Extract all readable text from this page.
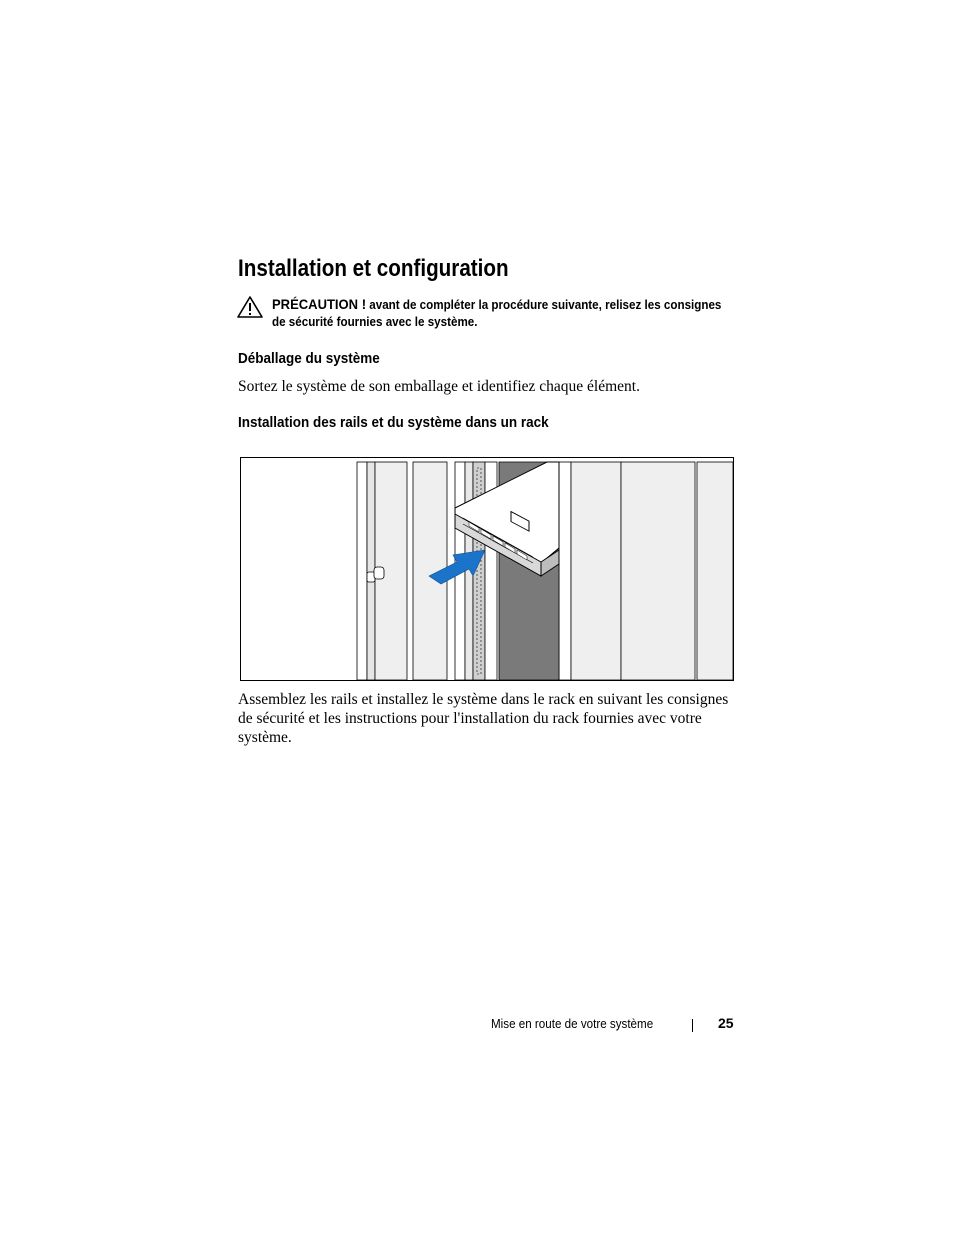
Installation et configuration
PRÉCAUTION ! avant de compléter la procédure suivante, relisez les consignes de sécurité fournies avec le système.
Déballage du système
Sortez le système de son emballage et identifiez chaque élément.
Installation des rails et du système dans un rack
Assemblez les rails et installez le système dans le rack en suivant les consignes de sécurité et les instructions pour l'installation du rack fournies avec votre système.
Mise en route de votre système	25
